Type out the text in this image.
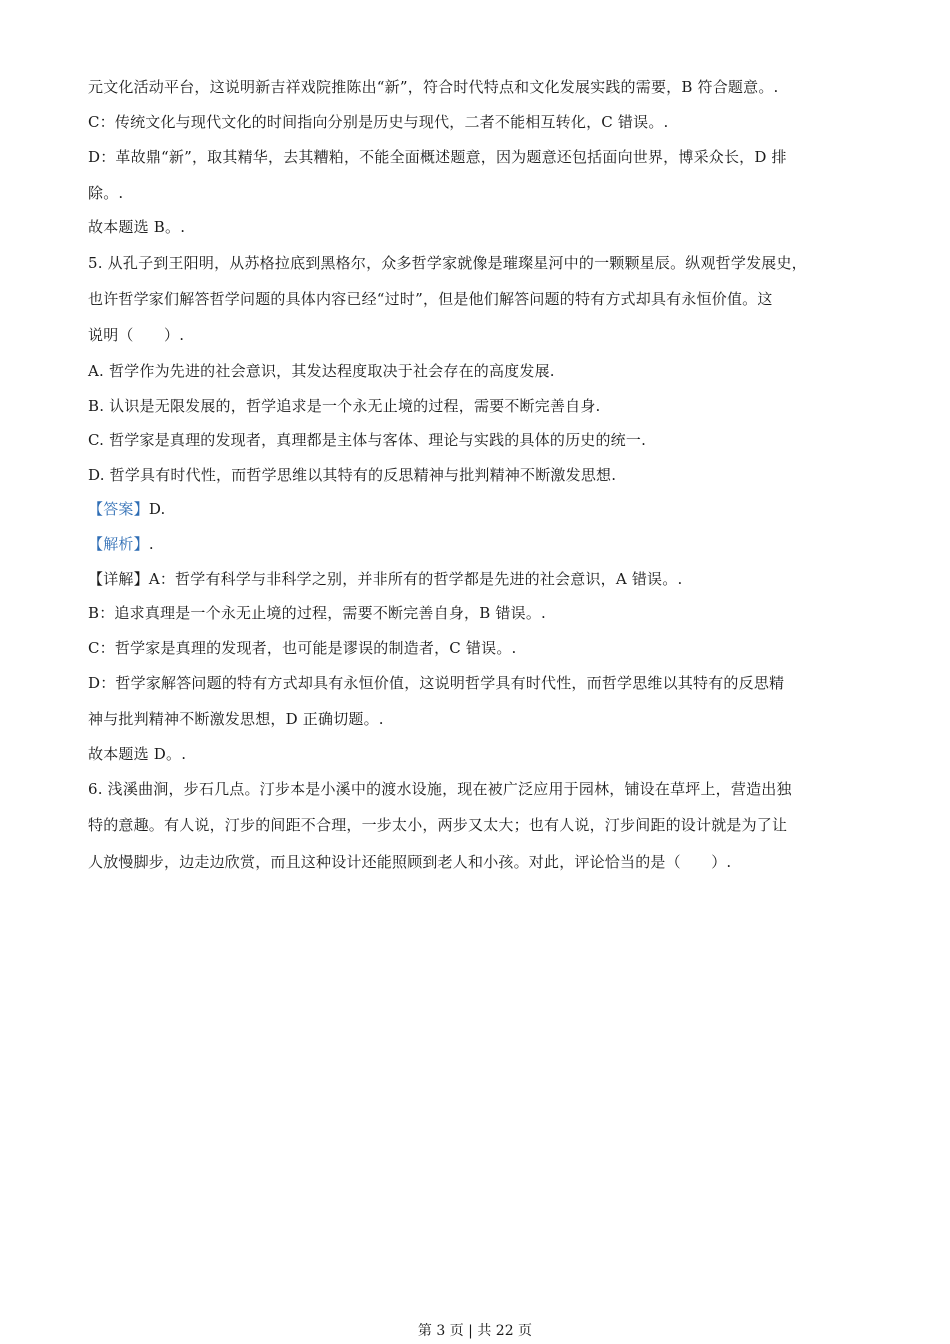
元文化活动平台，这说明新吉祥戏院推陈出“新”，符合时代特点和文化发展实践的需要，B 符合题意。.
C：传统文化与现代文化的时间指向分别是历史与现代，二者不能相互转化，C 错误。.
D：革故鼎“新”，取其精华，去其糟粕，不能全面概述题意，因为题意还包括面向世界，博采众长，D 排
除。.
故本题选 B。.
5. 从孔子到王阳明，从苏格拉底到黑格尔，众多哲学家就像是璀璨星河中的一颗颗星辰。纵观哲学发展史，
也许哲学家们解答哲学问题的具体内容已经“过时”，但是他们解答问题的特有方式却具有永恒价值。这
说明（　　）.
A. 哲学作为先进的社会意识，其发达程度取决于社会存在的高度发展.
B. 认识是无限发展的，哲学追求是一个永无止境的过程，需要不断完善自身.
C. 哲学家是真理的发现者，真理都是主体与客体、理论与实践的具体的历史的统一.
D. 哲学具有时代性，而哲学思维以其特有的反思精神与批判精神不断激发思想.
【答案】D.
【解析】.
【详解】A：哲学有科学与非科学之别，并非所有的哲学都是先进的社会意识，A 错误。.
B：追求真理是一个永无止境的过程，需要不断完善自身，B 错误。.
C：哲学家是真理的发现者，也可能是谬误的制造者，C 错误。.
D：哲学家解答问题的特有方式却具有永恒价值，这说明哲学具有时代性，而哲学思维以其特有的反思精
神与批判精神不断激发思想，D 正确切题。.
故本题选 D。.
6. 浅溪曲涧，步石几点。汀步本是小溪中的渡水设施，现在被广泛应用于园林，铺设在草坪上，营造出独
特的意趣。有人说，汀步的间距不合理，一步太小，两步又太大；也有人说，汀步间距的设计就是为了让
人放慢脚步，边走边欣赏，而且这种设计还能照顾到老人和小孩。对此，评论恰当的是（　　）.
第 3 页 | 共 22 页
